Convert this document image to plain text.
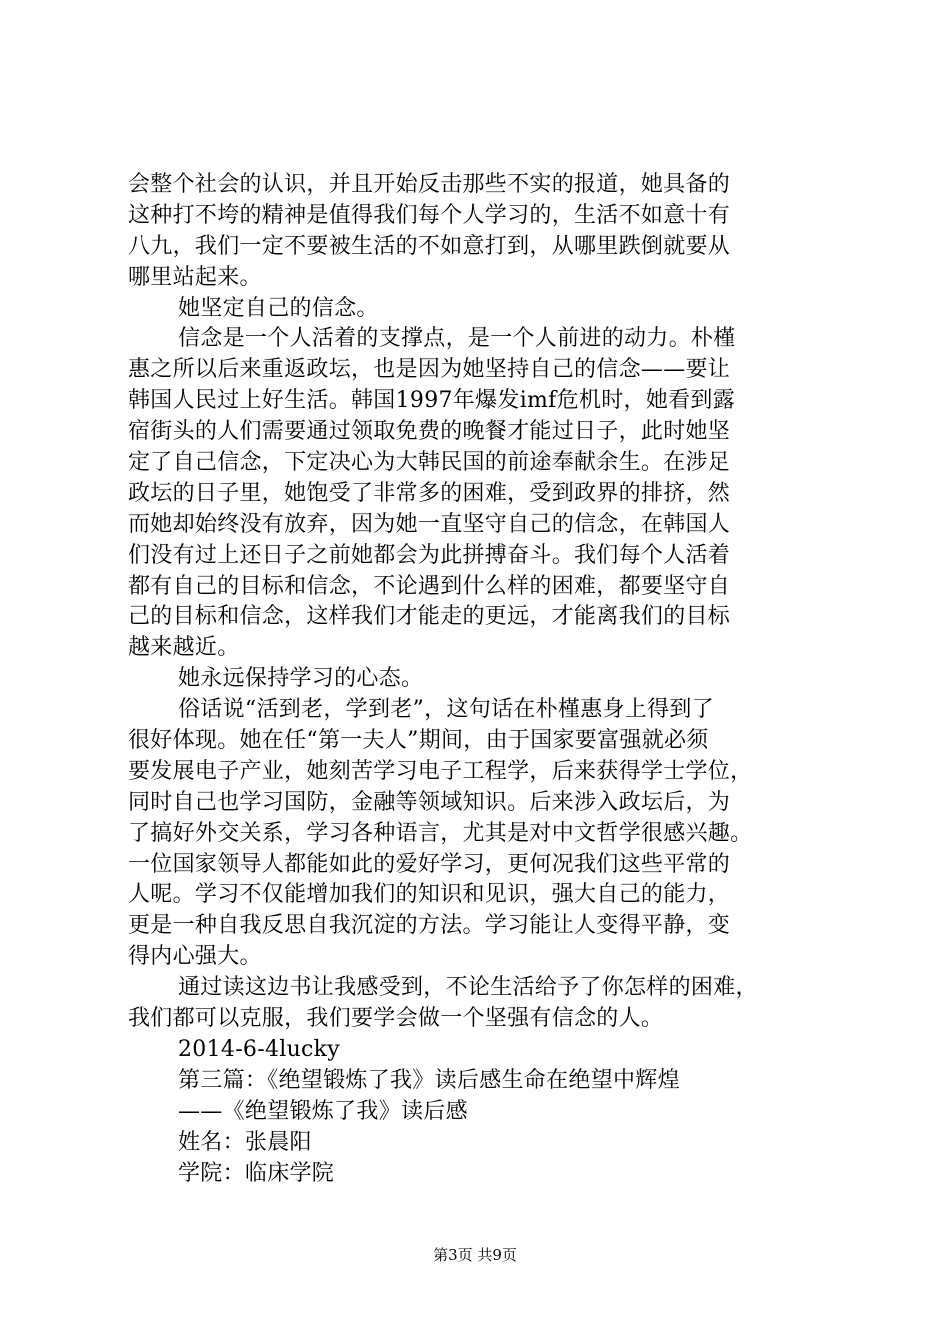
会整个社会的认识，并且开始反击那些不实的报道，她具备的
这种打不垮的精神是值得我们每个人学习的，生活不如意十有
八九，我们一定不要被生活的不如意打到，从哪里跌倒就要从
哪里站起来。
她坚定自己的信念。
信念是一个人活着的支撑点，是一个人前进的动力。朴槿
惠之所以后来重返政坛，也是因为她坚持自己的信念——要让
韩国人民过上好生活。韩国1997年爆发imf危机时，她看到露
宿街头的人们需要通过领取免费的晚餐才能过日子，此时她坚
定了自己信念，下定决心为大韩民国的前途奉献余生。在涉足
政坛的日子里，她饱受了非常多的困难，受到政界的排挤，然
而她却始终没有放弃，因为她一直坚守自己的信念，在韩国人
们没有过上还日子之前她都会为此拼搏奋斗。我们每个人活着
都有自己的目标和信念，不论遇到什么样的困难，都要坚守自
己的目标和信念，这样我们才能走的更远，才能离我们的目标
越来越近。
她永远保持学习的心态。
俗话说“活到老，学到老”，这句话在朴槿惠身上得到了
很好体现。她在任“第一夫人”期间，由于国家要富强就必须
要发展电子产业，她刻苦学习电子工程学，后来获得学士学位，
同时自己也学习国防，金融等领域知识。后来涉入政坛后，为
了搞好外交关系，学习各种语言，尤其是对中文哲学很感兴趣。
一位国家领导人都能如此的爱好学习，更何况我们这些平常的
人呢。学习不仅能增加我们的知识和见识，强大自己的能力，
更是一种自我反思自我沉淀的方法。学习能让人变得平静，变
得内心强大。
通过读这边书让我感受到，不论生活给予了你怎样的困难，
我们都可以克服，我们要学会做一个坚强有信念的人。
2014-6-4lucky
第三篇：《绝望锻炼了我》读后感生命在绝望中辉煌
——《绝望锻炼了我》读后感
姓名：张晨阳
学院：临床学院
第3页 共9页
